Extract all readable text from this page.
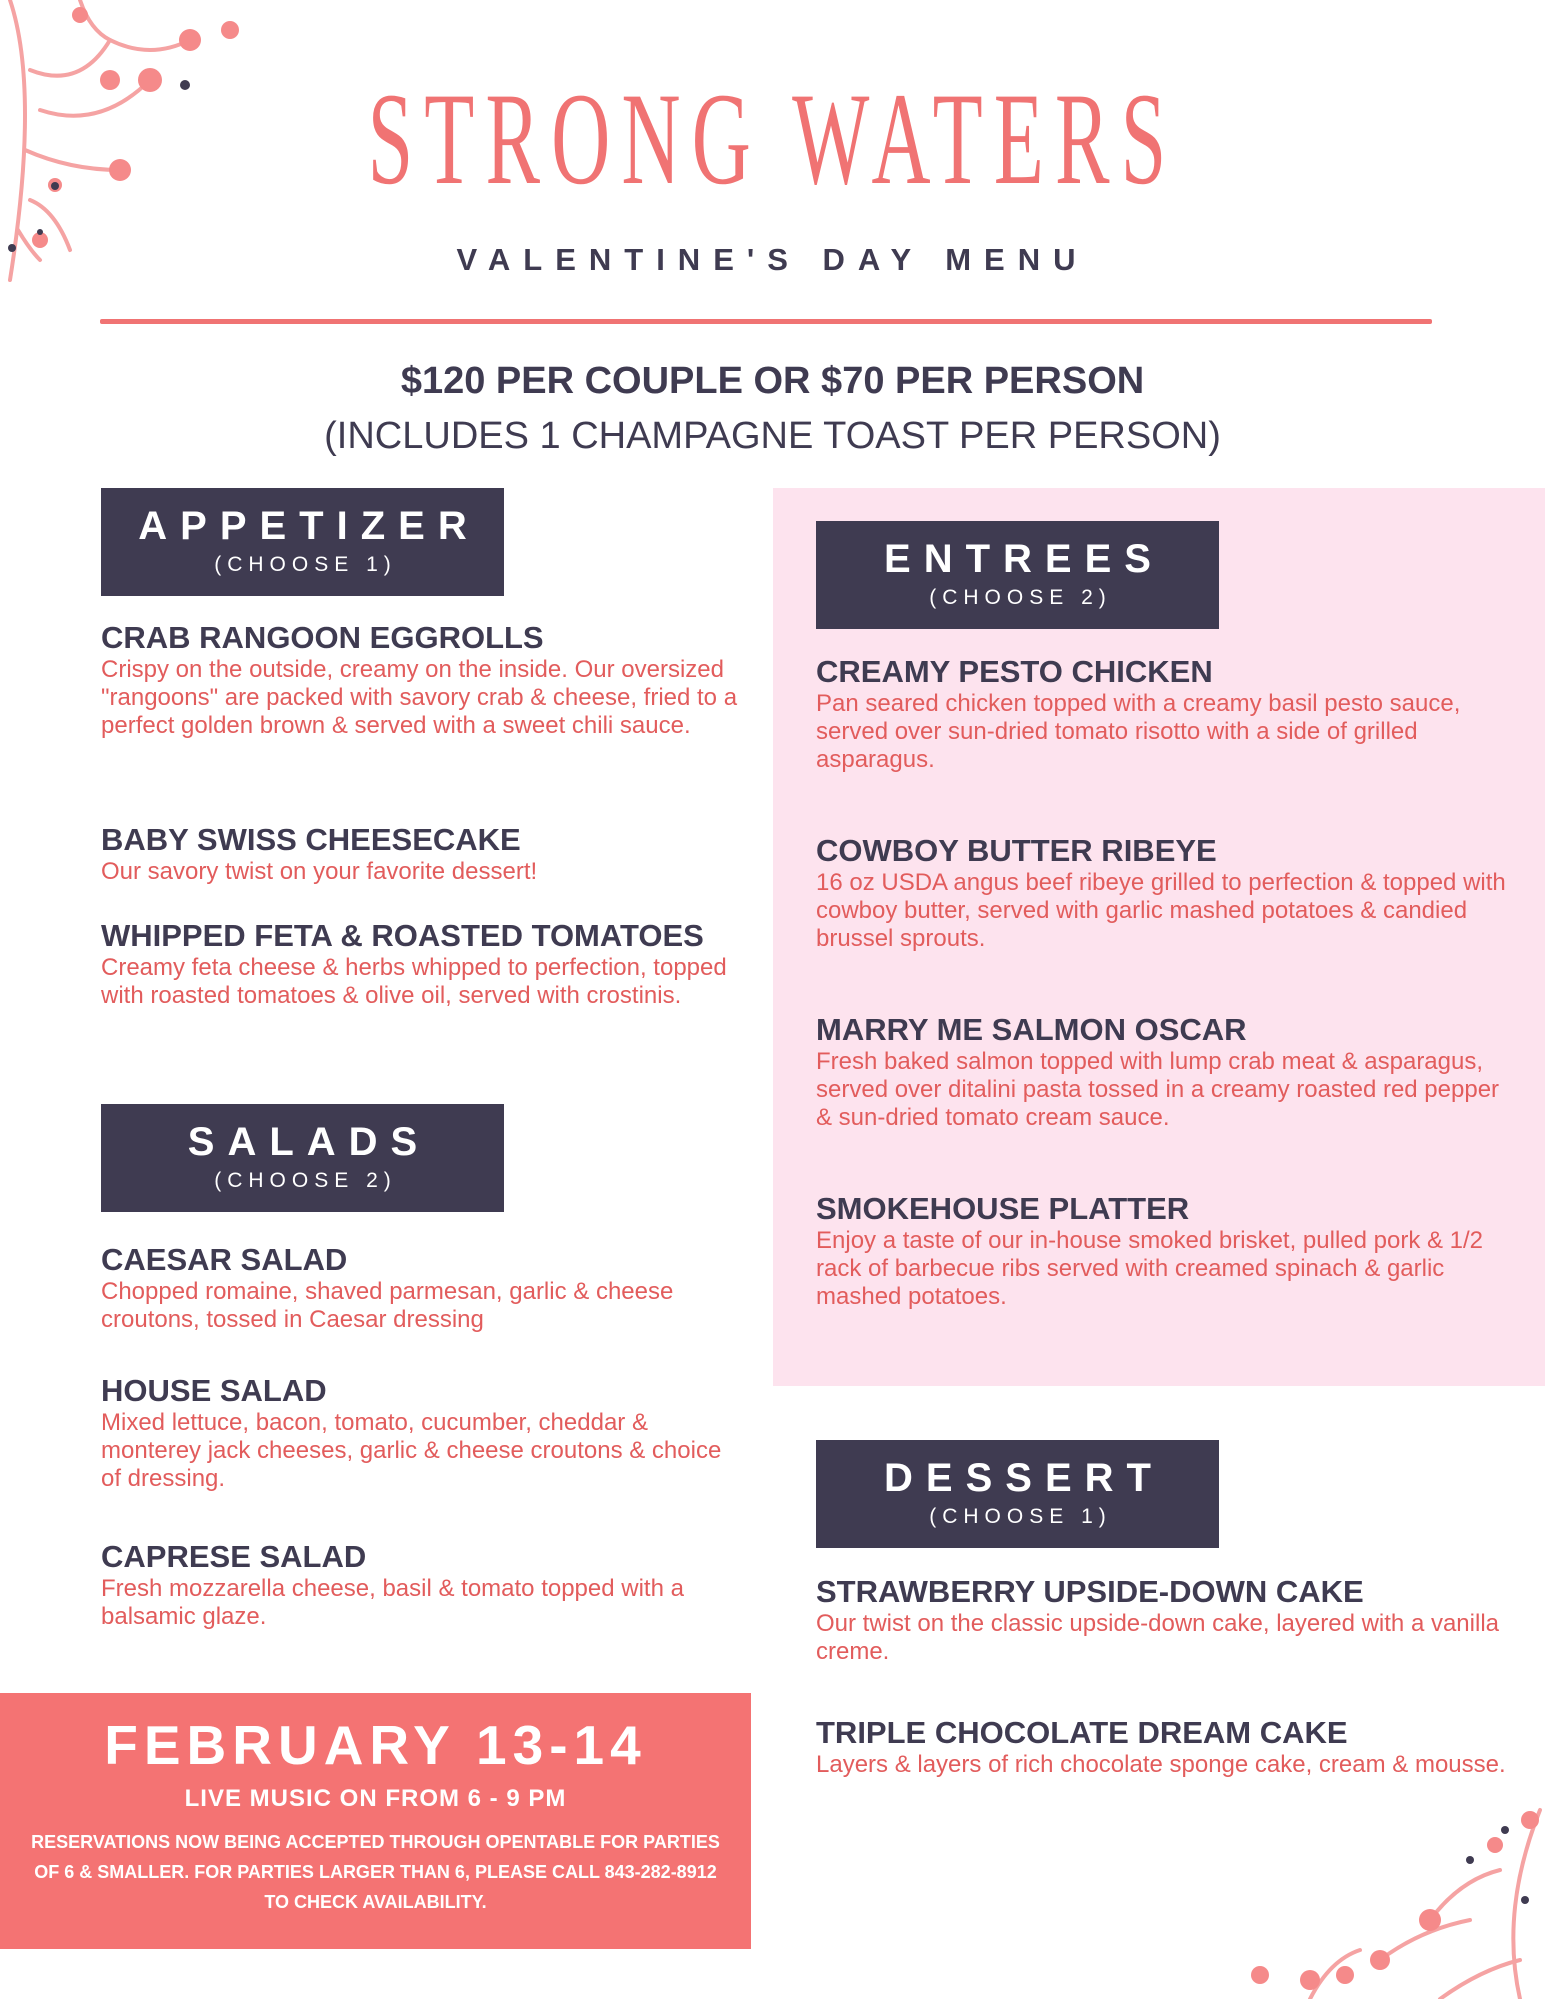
STRONG WATERS
VALENTINE'S DAY MENU
$120 PER COUPLE OR $70 PER PERSON
(INCLUDES 1 CHAMPAGNE TOAST PER PERSON)
APPETIZER
(CHOOSE 1)
CRAB RANGOON EGGROLLS

Crispy on the outside, creamy on the inside. Our oversized "rangoons" are packed with savory crab & cheese, fried to a perfect golden brown & served with a sweet chili sauce.

BABY SWISS CHEESECAKE

Our savory twist on your favorite dessert!

WHIPPED FETA & ROASTED TOMATOES

Creamy feta cheese & herbs whipped to perfection, topped with roasted tomatoes & olive oil, served with crostinis.

SALADS
(CHOOSE 2)
CAESAR SALAD

Chopped romaine, shaved parmesan, garlic & cheese croutons, tossed in Caesar dressing

HOUSE SALAD

Mixed lettuce, bacon, tomato, cucumber, cheddar & monterey jack cheeses, garlic & cheese croutons & choice of dressing.

CAPRESE SALAD

Fresh mozzarella cheese, basil & tomato topped with a balsamic glaze.

ENTREES
(CHOOSE 2)
CREAMY PESTO CHICKEN

Pan seared chicken topped with a creamy basil pesto sauce, served over sun-dried tomato risotto with a side of grilled asparagus.

COWBOY BUTTER RIBEYE

16 oz USDA angus beef ribeye grilled to perfection & topped with cowboy butter, served with garlic mashed potatoes & candied brussel sprouts.

MARRY ME SALMON OSCAR

Fresh baked salmon topped with lump crab meat & asparagus, served over ditalini pasta tossed in a creamy roasted red pepper & sun-dried tomato cream sauce.

SMOKEHOUSE PLATTER

Enjoy a taste of our in-house smoked brisket, pulled pork & 1/2 rack of barbecue ribs served with creamed spinach & garlic mashed potatoes.

DESSERT
(CHOOSE 1)
STRAWBERRY UPSIDE-DOWN CAKE

Our twist on the classic upside-down cake, layered with a vanilla creme.

TRIPLE CHOCOLATE DREAM CAKE

Layers & layers of rich chocolate sponge cake, cream & mousse.

FEBRUARY 13-14
LIVE MUSIC ON FROM 6 - 9 PM
RESERVATIONS NOW BEING ACCEPTED THROUGH OPENTABLE FOR PARTIES OF 6 & SMALLER. FOR PARTIES LARGER THAN 6, PLEASE CALL 843-282-8912 TO CHECK AVAILABILITY.
